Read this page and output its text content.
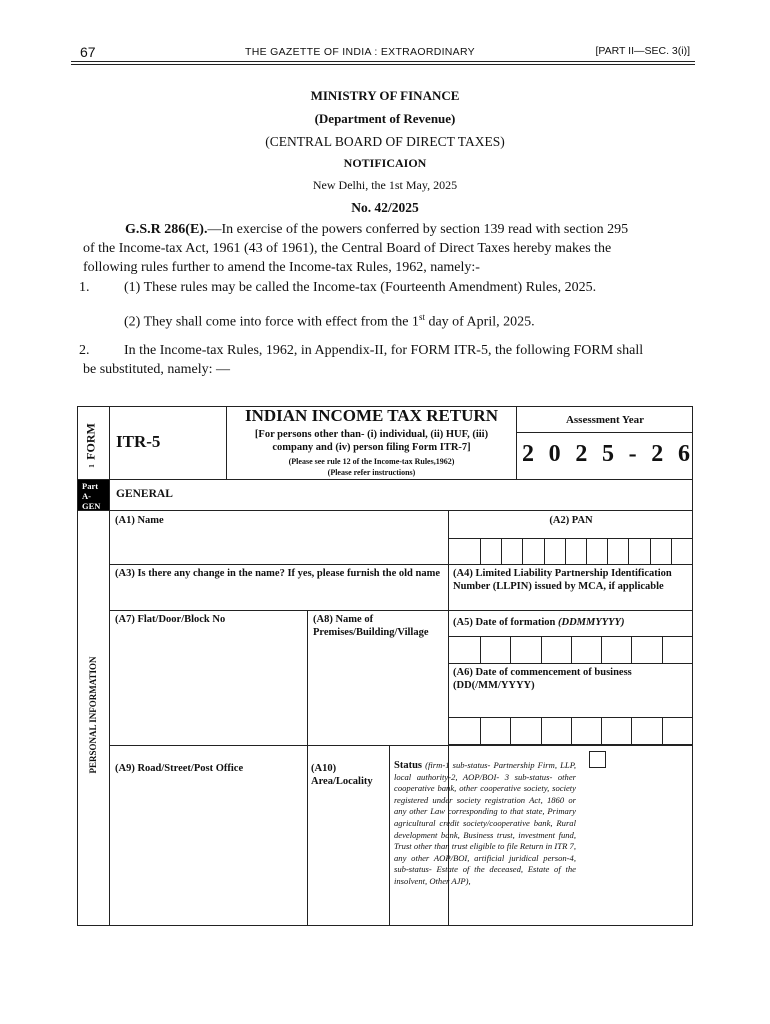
67	THE GAZETTE OF INDIA : EXTRAORDINARY	[PART II—SEC. 3(i)]
MINISTRY OF FINANCE
(Department of Revenue)
(CENTRAL BOARD OF DIRECT TAXES)
NOTIFICAION
New Delhi, the 1st May, 2025
No. 42/2025
G.S.R 286(E).—In exercise of the powers conferred by section 139 read with section 295
of the Income-tax Act, 1961 (43 of 1961), the Central Board of Direct Taxes hereby makes the
following rules further to amend the Income-tax Rules, 1962, namely:-
1. (1) These rules may be called the Income-tax (Fourteenth Amendment) Rules, 2025.
(2) They shall come into force with effect from the 1st day of April, 2025.
2. In the Income-tax Rules, 1962, in Appendix-II, for FORM ITR-5, the following FORM shall
be substituted, namely: —
FORM
1
ITR-5
INDIAN INCOME TAX RETURN
[For persons other than- (i) individual, (ii) HUF, (iii)
company and (iv) person filing Form ITR-7]
(Please see rule 12 of the Income-tax Rules,1962)
(Please refer instructions)
Assessment Year
2 0 2 5 - 2 6
Part
A-
GEN
GENERAL
PERSONAL INFORMATION
(A1) Name	(A2) PAN
(A3) Is there any change in the name? If yes, please furnish the old name (A4) Limited Liability Partnership Identification Number (LLPIN) issued by MCA, if applicable
(A7) Flat/Door/Block No	(A8) Name of Premises/Building/Village
(A5) Date of formation (DDMMYYYY)
(A6) Date of commencement of business (DD(/MM/YYYY)
(A9) Road/Street/Post Office	(A10) Area/Locality
Status (firm-1 sub-status- Partnership Firm, LLP, local authority-2, AOP/BOI- 3 sub-status- other cooperative bank, other cooperative society, society registered under society registration Act, 1860 or any other Law corresponding to that state, Primary agricultural credit society/cooperative bank, Rural development bank, Business trust, investment fund, Trust other than trust eligible to file Return in ITR 7, any other AOP/BOI, artificial juridical person-4, sub-status- Estate of the deceased, Estate of the insolvent, Other AJP),
